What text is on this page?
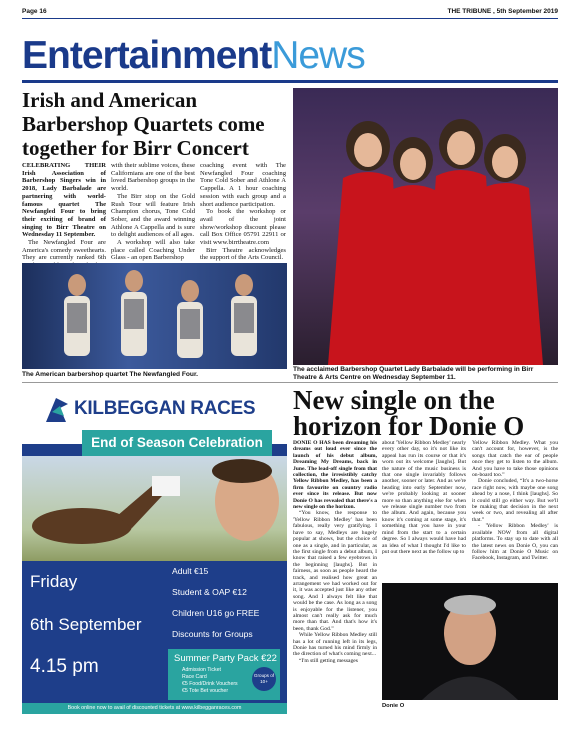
Page 16	THE TRIBUNE , 5th September 2019
EntertainmentNews
Irish and American
Barbershop Quartets come
together for Birr Concert

CELEBRATING THEIR Irish Association of Barbershop Singers win in 2018, Lady Barbalade are partnering with world-famous quartet The Newfangled Four to bring their exciting of brand of singing to Birr Theatre on Wednesday 11 September.

The Newfangled Four are America's comedy sweethearts. They are currently ranked 6th

with their sublime voices, these Californians are one of the best loved Barbershop groups in the world.

The Birr stop on the Gold Rush Tour will feature Irish Champion chorus, Tone Cold Sober, and the award winning Athlone A Cappella and is sure to delight audiences of all ages.

A workshop will also take place called Coaching Under Glass - an open Barbershop

coaching event with The Newfangled Four coaching Tone Cold Sober and Athlone A Cappella. A 1 hour coaching session with each group and a short audience participation.

To book the workshop or avail of the joint show/workshop discount please call Box Office 05791 22911 or visit www.birrtheatre.com

Birr Theatre acknowledges the support of the Arts Council.

The American barbershop quartet The Newfangled Four.
The acclaimed Barbershop Quartet Lady Barbalade will be performing in Birr Theatre & Arts Centre on Wednesday September 11.
KILBEGGAN RACES
End of Season Celebration
Friday
6th September
4.15 pm
Adult €15
Student & OAP €12
Children U16 go FREE
Discounts for Groups
Summer Party Pack €22
Admission Ticket
Race Card
€5 Food/Drink Vouchers
€5 Tote Bet voucher
Groups of 10+
Book online now to avail of discounted tickets at www.kilbegganraces.com
New single on the
horizon for Donie O

DONIE O HAS been dreaming his dreams out loud ever since the launch of his debut album, Dreaming My Dreams, back in June. The lead-off single from that collection, the irresistibly catchy Yellow Ribbon Medley, has been a firm favourite on country radio ever since its release. But now Donie O has revealed that there's a new single on the horizon.

“You know, the response to 'Yellow Ribbon Medley' has been fabulous, really very gratifying. I have to say, Medleys are hugely popular at shows, but the choice of one as a single, and in particular, as the first single from a debut album, I know that raised a few eyebrows in the beginning [laughs]. But in fairness, as soon as people heard the track, and realised how great an arrangement we had worked out for it, it was accepted just like any other song. And I always felt like that would be the case. As long as a song is enjoyable for the listener, you almost can't really ask for much more than that. And that's how it's been, thank God.”

While Yellow Ribbon Medley still has a lot of running left in its legs, Donie has turned his mind firmly in the direction of what's coming next...

“I'm still getting messages

about 'Yellow Ribbon Medley' nearly every other day, so it's not like its appeal has run its course or that it's worn out its welcome [laughs]. But the nature of the music business is that one single invariably follows another, sooner or later. And as we're heading into early September now, we're probably looking at sooner more so than anything else for when we release single number two from the album. And again, because you know it's coming at some stage, it's something that you have in your mind from the start to a certain degree. So I always would have had an idea of what I thought I'd like to put out there next as the follow up to

Yellow Ribbon Medley. What you can't account for, however, is the songs that catch the ear of people once they get to listen to the album. And you have to take those opinions on-board too.”

Donie concluded, “It's a two-horse race right now, with maybe one song ahead by a nose, I think [laughs]. So it could still go either way. But we'll be making that decision in the next week or two, and revealing all after that.”

- 'Yellow Ribbon Medley' is available NOW from all digital platforms. To stay up to date with all the latest news on Donie O, you can follow him at Donie O Music on Facebook, Instagram, and Twitter.

Donie O
